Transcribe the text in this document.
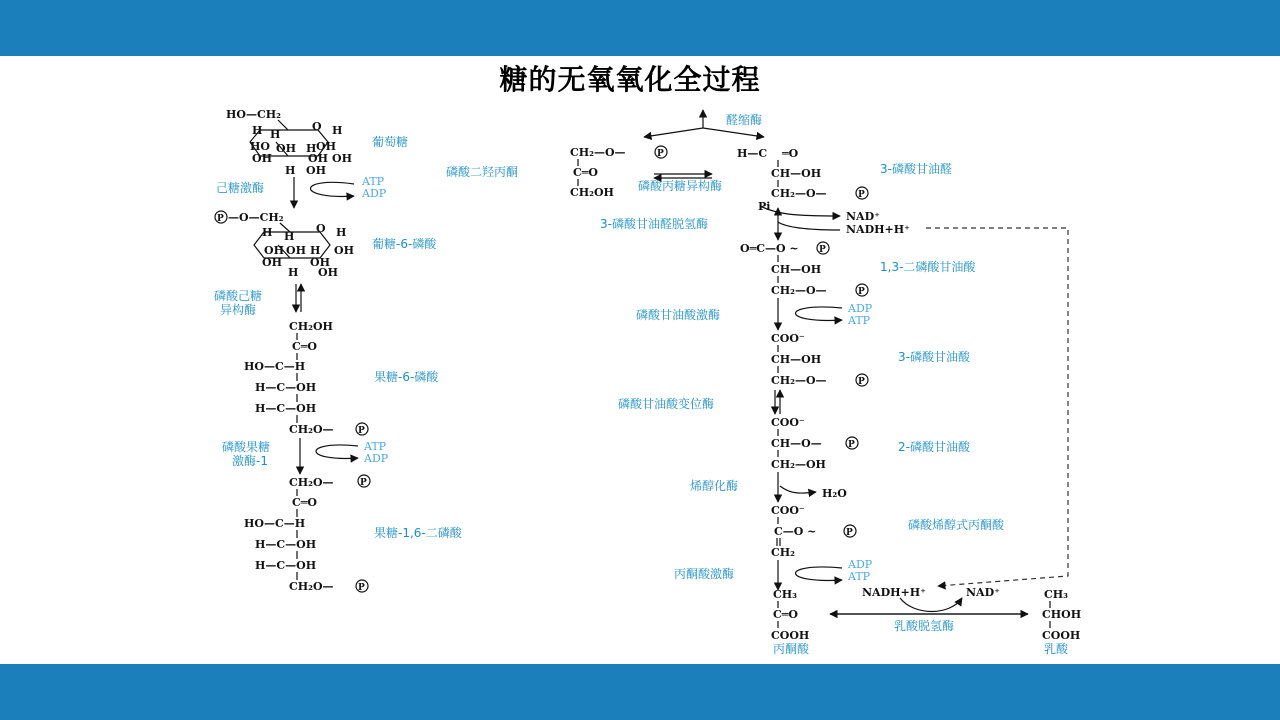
糖的无氧氧化全过程
HO—CH₂
O
H	H
H
HO OH H OH
OH	OH OH
H OH
葡萄糖
ATP
ADP
己糖激酶
P —O—CH₂
O
H	H
H
OH OH H OH
OH	OH
H OH
葡糖-6-磷酸
磷酸己糖
异构酶
CH₂OH
C═O
HO—C—H
H—C—OH
H—C—OH
CH₂O—	P
果糖-6-磷酸
ATP
ADP
磷酸果糖
激酶-1
CH₂O—	P
C═O
HO—C—H
H—C—OH
H—C—OH
CH₂O—	P
果糖-1,6-二磷酸
醛缩酶
CH₂—O—	P
C═O
CH₂OH
磷酸二羟丙酮
磷酸丙糖异构酶
H—C ═O
CH—OH
CH₂—O—	P
3-磷酸甘油醛
Pi
NAD⁺
NADH+H⁺
3-磷酸甘油醛脱氢酶
O═C—O ~ P
CH—OH
CH₂—O—	P
1,3-二磷酸甘油酸
ADP
ATP
磷酸甘油酸激酶
COO⁻
CH—OH
CH₂—O—	P
3-磷酸甘油酸
磷酸甘油酸变位酶
COO⁻
CH—O—	P
CH₂—OH
2-磷酸甘油酸
H₂O
烯醇化酶
COO⁻
C—O ~	P
CH₂
磷酸烯醇式丙酮酸
ADP
ATP
丙酮酸激酶
CH₃
C═O
COOH
丙酮酸
NADH+H⁺	NAD⁺
乳酸脱氢酶
CH₃
CHOH
COOH
乳酸
